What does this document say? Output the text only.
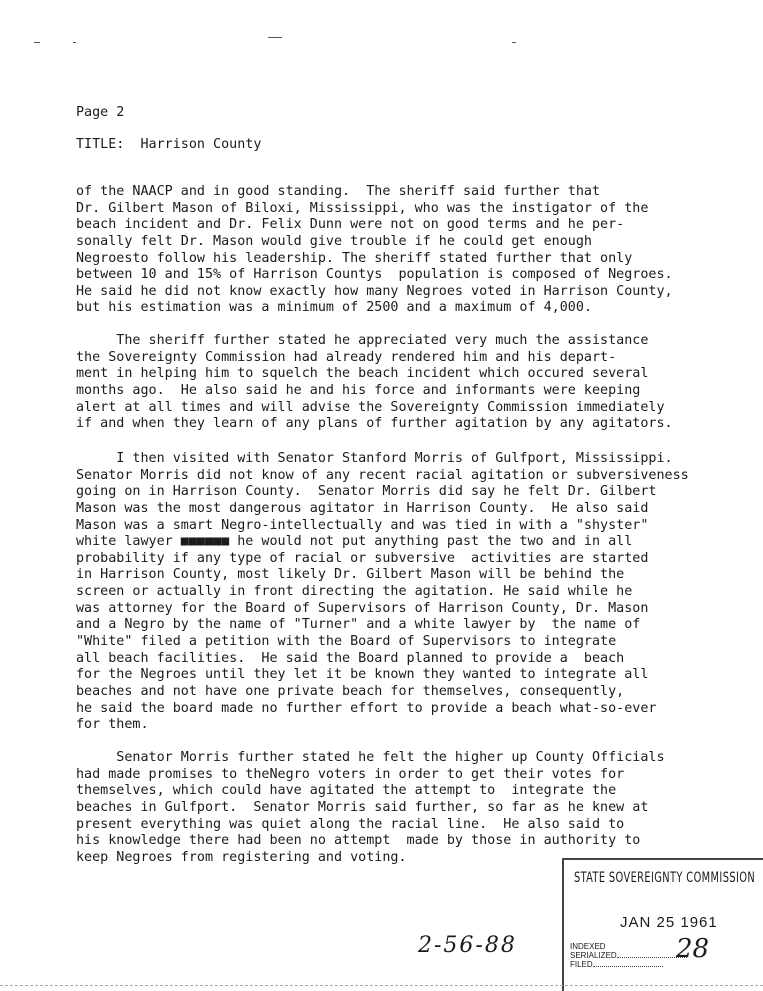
Page 2
TITLE:  Harrison County
of the NAACP and in good standing.  The sheriff said further that
Dr. Gilbert Mason of Biloxi, Mississippi, who was the instigator of the
beach incident and Dr. Felix Dunn were not on good terms and he per-
sonally felt Dr. Mason would give trouble if he could get enough
Negroesto follow his leadership. The sheriff stated further that only
between 10 and 15% of Harrison Countys  population is composed of Negroes.
He said he did not know exactly how many Negroes voted in Harrison County,
but his estimation was a minimum of 2500 and a maximum of 4,000.
The sheriff further stated he appreciated very much the assistance
the Sovereignty Commission had already rendered him and his depart-
ment in helping him to squelch the beach incident which occured several
months ago.  He also said he and his force and informants were keeping
alert at all times and will advise the Sovereignty Commission immediately
if and when they learn of any plans of further agitation by any agitators.
I then visited with Senator Stanford Morris of Gulfport, Mississippi.
Senator Morris did not know of any recent racial agitation or subversiveness
going on in Harrison County.  Senator Morris did say he felt Dr. Gilbert
Mason was the most dangerous agitator in Harrison County.  He also said
Mason was a smart Negro-intellectually and was tied in with a "shyster"
white lawyer ■■■■■■ he would not put anything past the two and in all
probability if any type of racial or subversive  activities are started
in Harrison County, most likely Dr. Gilbert Mason will be behind the
screen or actually in front directing the agitation. He said while he
was attorney for the Board of Supervisors of Harrison County, Dr. Mason
and a Negro by the name of "Turner" and a white lawyer by  the name of
"White" filed a petition with the Board of Supervisors to integrate
all beach facilities.  He said the Board planned to provide a  beach
for the Negroes until they let it be known they wanted to integrate all
beaches and not have one private beach for themselves, consequently,
he said the board made no further effort to provide a beach what-so-ever
for them.
Senator Morris further stated he felt the higher up County Officials
had made promises to theNegro voters in order to get their votes for
themselves, which could have agitated the attempt to  integrate the
beaches in Gulfport.  Senator Morris said further, so far as he knew at
present everything was quiet along the racial line.  He also said to
his knowledge there had been no attempt  made by those in authority to
keep Negroes from registering and voting.
STATE SOVEREIGNTY COMMISSION
JAN 25 1961
INDEXED
SERIALIZED
FILED
2-56-88	28
